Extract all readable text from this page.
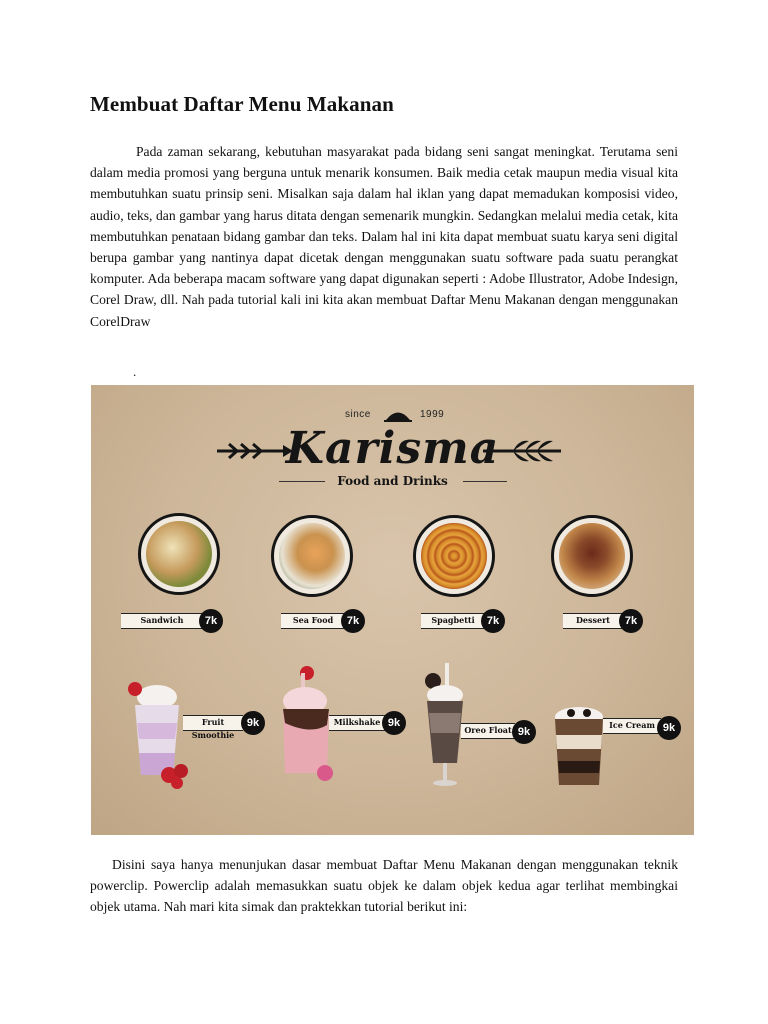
Membuat Daftar Menu Makanan

Pada zaman sekarang, kebutuhan masyarakat pada bidang seni sangat meningkat. Terutama seni dalam media promosi yang berguna untuk menarik konsumen. Baik media cetak maupun media visual kita membutuhkan suatu prinsip seni. Misalkan saja dalam hal iklan yang dapat memadukan komposisi video, audio, teks, dan gambar yang harus ditata dengan semenarik mungkin. Sedangkan melalui media cetak, kita membutuhkan penataan bidang gambar dan teks. Dalam hal ini kita dapat membuat suatu karya seni digital berupa gambar yang nantinya dapat dicetak dengan menggunakan suatu software pada suatu perangkat komputer. Ada beberapa macam software yang dapat digunakan seperti : Adobe Illustrator, Adobe Indesign, Corel Draw, dll. Nah pada tutorial kali ini kita akan membuat Daftar Menu Makanan dengan menggunakan CorelDraw

.
since	1999
Karisma
Food and Drinks
Sandwich	7k	Sea Food	7k	Spagbetti	7k	Dessert	7k
Fruit Smoothie
9k	Milkshake 9k
Oreo Float 9k
Ice Cream 9k

Disini saya hanya menunjukan dasar membuat Daftar Menu Makanan dengan menggunakan teknik powerclip. Powerclip adalah memasukkan suatu objek ke dalam objek kedua agar terlihat membingkai objek utama. Nah mari kita simak dan praktekkan tutorial berikut ini:
